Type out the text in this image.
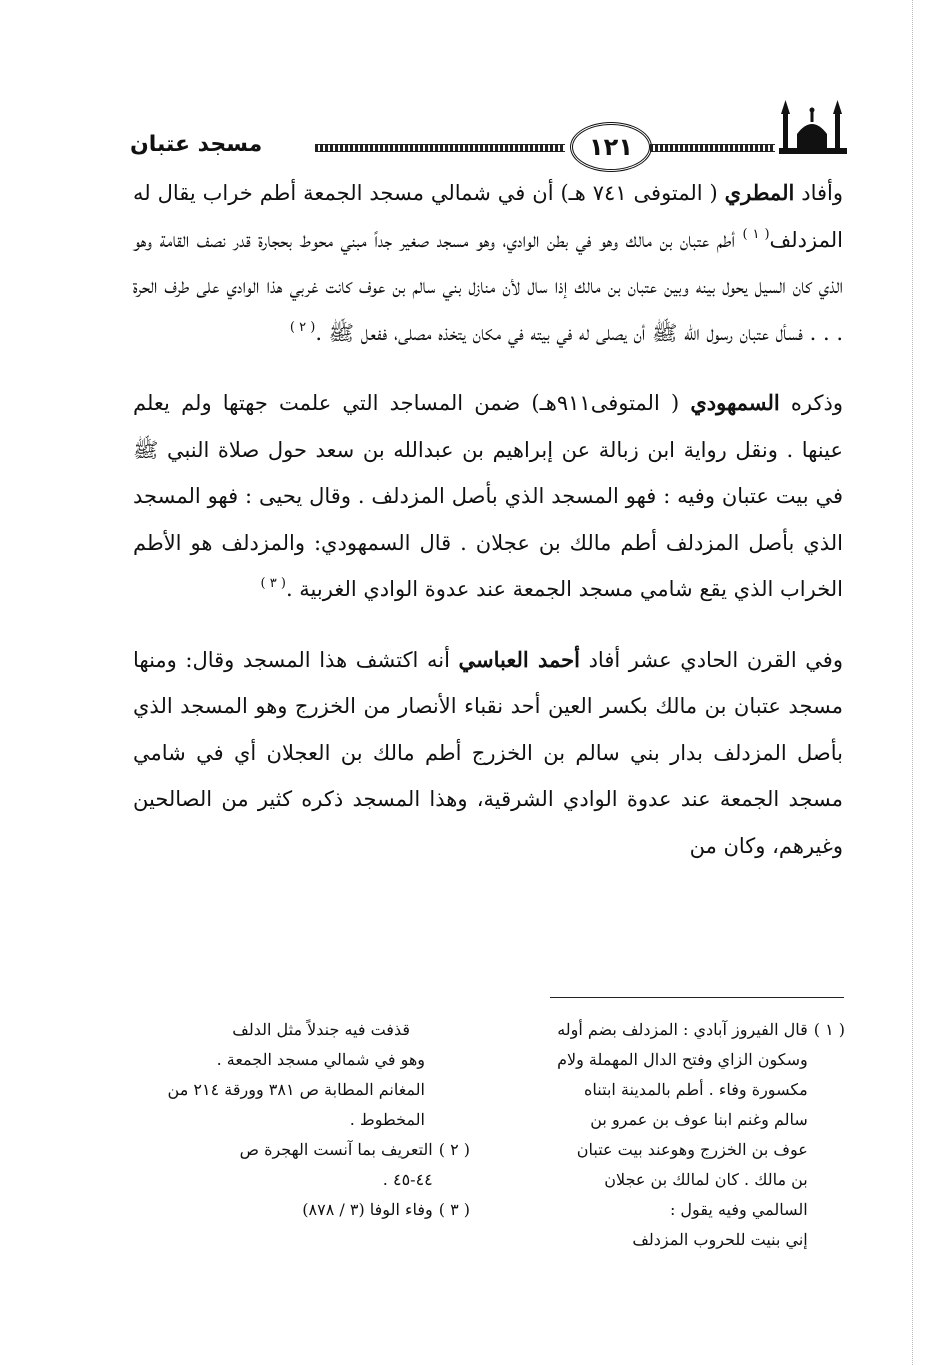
مسجد عتبان	١٢١

وأفاد المطري ( المتوفى ٧٤١ هـ) أن في شمالي مسجد الجمعة أطم خراب يقال له المزدلف$^{( ١ )}$ أطم عتبان بن مالك وهو في بطن الوادي، وهو مسجد صغير جداً مبني محوط بحجارة قدر نصف القامة وهو الذي كان السيل يحول بينه وبين عتبان بن مالك إذا سال لأن منازل بني سالم بن عوف كانت غربي هذا الوادي على طرف الحرة . . . فسأل عتبان رسول الله ﷺ أن يصلى له في بيته في مكان يتخذه مصلى، ففعل ﷺ .$^{( ٢ )}$

وذكره السمهودي ( المتوفى٩١١هـ) ضمن المساجد التي علمت جهتها ولم يعلم عينها . ونقل رواية ابن زبالة عن إبراهيم بن عبدالله بن سعد حول صلاة النبي ﷺ في بيت عتبان وفيه : فهو المسجد الذي بأصل المزدلف . وقال يحيى : فهو المسجد الذي بأصل المزدلف أطم مالك بن عجلان . قال السمهودي: والمزدلف هو الأطم الخراب الذي يقع شامي مسجد الجمعة عند عدوة الوادي الغربية .$^{( ٣ )}$

وفي القرن الحادي عشر أفاد أحمد العباسي أنه اكتشف هذا المسجد وقال: ومنها مسجد عتبان بن مالك بكسر العين أحد نقباء الأنصار من الخزرج وهو المسجد الذي بأصل المزدلف بدار بني سالم بن الخزرج أطم مالك بن العجلان أي في شامي مسجد الجمعة عند عدوة الوادي الشرقية، وهذا المسجد ذكره كثير من الصالحين وغيرهم، وكان من

( ١ )
قال الفيروز آبادي : المزدلف بضم أوله
وسكون الزاي وفتح الدال المهملة ولام
مكسورة وفاء . أطم بالمدينة ابتناه
سالم وغنم ابنا عوف بن عمرو بن
عوف بن الخزرج وهوعند بيت عتبان
بن مالك . كان لمالك بن عجلان
السالمي وفيه يقول :
إني بنيت للحروب المزدلف
قذفت فيه جندلاً مثل الدلف
وهو في شمالي مسجد الجمعة .
المغانم المطابة ص ٣٨١ وورقة ٢١٤ من
المخطوط .
( ٢ )
التعريف بما آنست الهجرة ص
٤٤-٤٥ .
( ٣ )
وفاء الوفا (٣ / ٨٧٨)
